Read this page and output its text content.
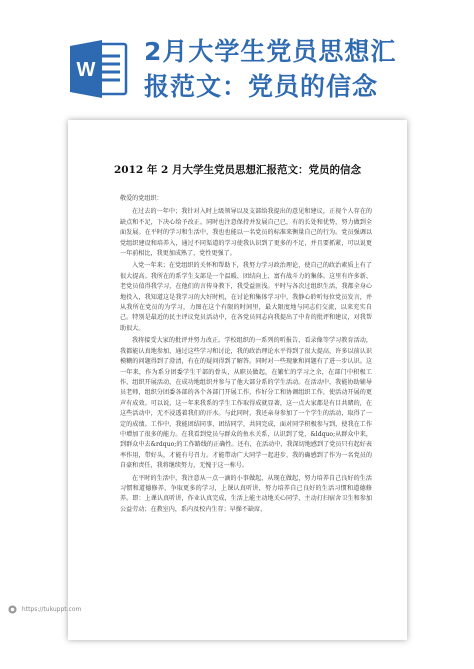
W
2月大学生党员思想汇
报范文：党员的信念
2012 年 2 月大学生党员思想汇报范文：党员的信念

敬爱的党组织：

在过去的一年中；我针对入时上级领导以及支部给我提出的意见和建议，正视个人存在的缺点和不足，下决心给予改正。同时也注意保持并发展自己已，有的长处和优势，努力做到全面发展。在平时的学习和生活中，我也也能以一名党员的标准来衡量自己的行为。党员强调以党组织建设和培养入，通过不同渠道的学习使我认识到了更多的不足，并且要抓紧，可以说更一年前相比，我更加成熟了，党性更强了。

入党一年来；在党组织的关怀和帮助下，我努力学习政治理论，使自己的政治素质上有了很大提高。我所在的系学生支部是一个温暖、团结向上、富有战斗力的集体。这里有许多新、老党员值得我学习，在他们的言传身教下，我受益匪浅。平时与各次过组织生活，我都全身心地投入，我知道这是我学习的大好时机，在讨论和集体学习中，我静心聆听每位党员发言，并从我所在党员的为学习，力图在这个有限的时间里，最大限度地与同志们交流，以来充实自己。特别是最近的民主评议党员活动中，在各党员同志向我提出了中肯的批评和建议，对我帮助很大。

我将接受大家的批评并努力改正。学校组织的一系列的听报告、看录像等学习教育活动，我都能认真地参加，通过这些学习和讨论，我的政治理论水平得到了很大提高，许多以前认识模糊的问题得到了澄清，有在的疑问得到了解答。同时对一些现象和问题有了进一步认识。这一年来，作为系分团委学生干部的骨头，从职员做起，在繁忙的学习之余，在部门中积极工作，组织开展活动，在成功地组织并参与了他大部分系的学生活动。在活动中，我能协助辅导员老师，组织分团委各部的各个各部门开展工作，作好分工和协调组织工作，使活动开展的更声有成效。可以说，这一年来我系的学生工作取得成就显著，这一点大家都是有目共睹的，在这些活动中，无不浸透着我们的汗水。与此同时，我还亲身参加了一个学生的活动，取得了一定的成绩。工作中，我能团结同事，团结同学，共同完成，面对同学积极参与到，使我在工作中增加了很多的能力。在我看到党员与群众的鱼水关系，认识到了党，&ldquo;从群众中来，到群众中去&rdquo;的工作路线的正确性。还有，在活动中，我深切地感到了党员只有起好表率作用，带好头，才能有号召力。才能带动广大同学一起进步，我的确感到了作为一名党员的自豪和责任，我将继续努力，无愧于这一称号。

在平时的生活中，我注意从一点一滴的小事做起，从现在做起，努力培养自己良好的生活习惯和道德修养，争取更多的学习，上课认真听讲，努力培养自己良好的生活习惯和道德修养。即：上课认真听讲，作业认真完成，生活上能主动地关心同学，主动打扫宿舍卫生和参加公益劳动；在教室内，系内及校内生存；早操不缺席，

https://tukuppt.com
